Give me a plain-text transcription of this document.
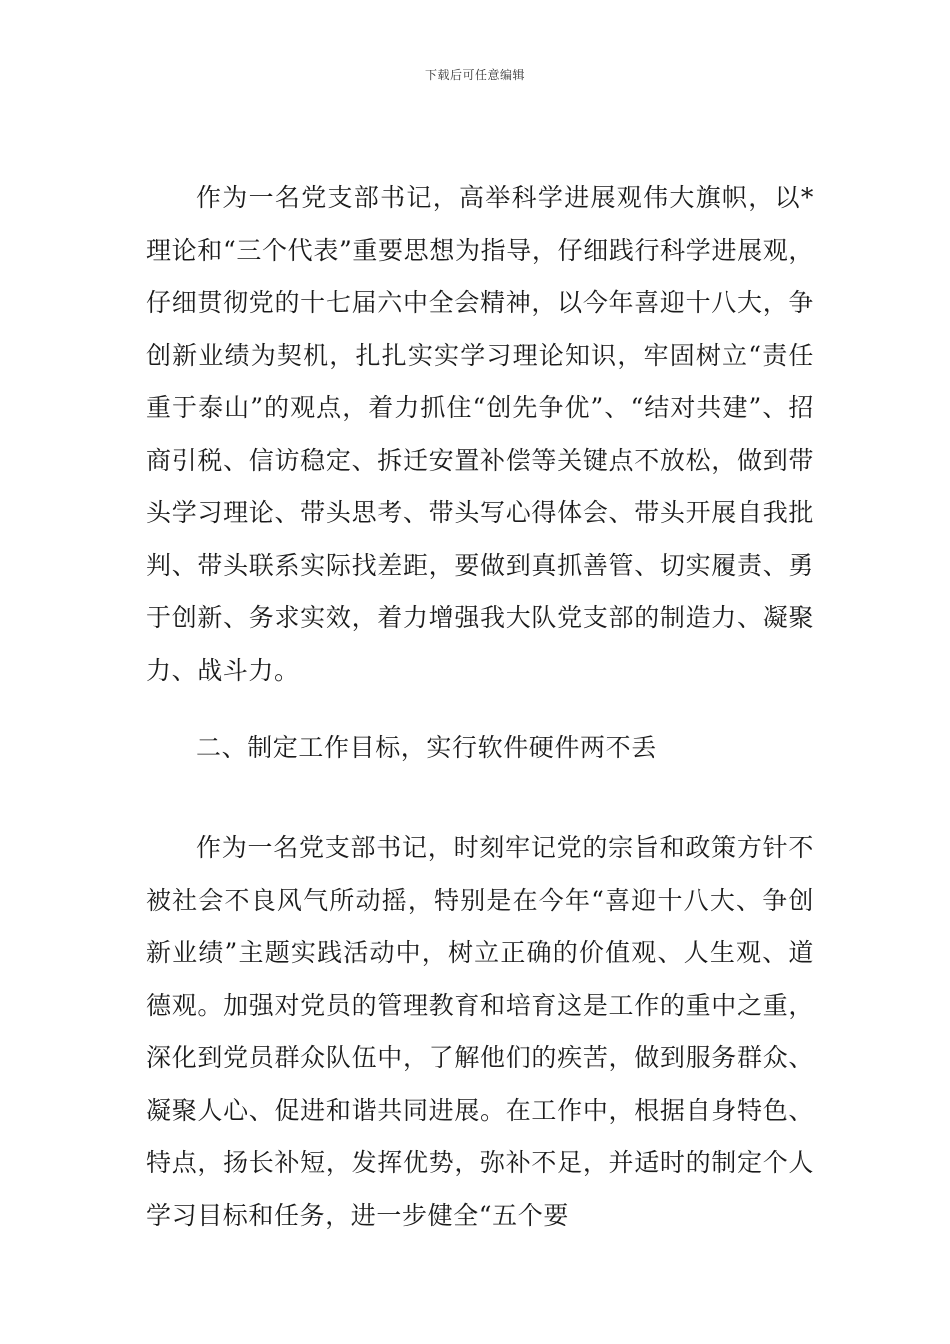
下载后可任意编辑

作为一名党支部书记，高举科学进展观伟大旗帜，以*理论和“三个代表”重要思想为指导，仔细践行科学进展观，仔细贯彻党的十七届六中全会精神，以今年喜迎十八大，争创新业绩为契机，扎扎实实学习理论知识，牢固树立“责任重于泰山”的观点，着力抓住“创先争优”、“结对共建”、招商引税、信访稳定、拆迁安置补偿等关键点不放松，做到带头学习理论、带头思考、带头写心得体会、带头开展自我批判、带头联系实际找差距，要做到真抓善管、切实履责、勇于创新、务求实效，着力增强我大队党支部的制造力、凝聚力、战斗力。

二、制定工作目标，实行软件硬件两不丢

作为一名党支部书记，时刻牢记党的宗旨和政策方针不被社会不良风气所动摇，特别是在今年“喜迎十八大、争创新业绩”主题实践活动中，树立正确的价值观、人生观、道德观。加强对党员的管理教育和培育这是工作的重中之重，深化到党员群众队伍中，了解他们的疾苦，做到服务群众、凝聚人心、促进和谐共同进展。在工作中，根据自身特色、特点，扬长补短，发挥优势，弥补不足，并适时的制定个人学习目标和任务，进一步健全“五个要
